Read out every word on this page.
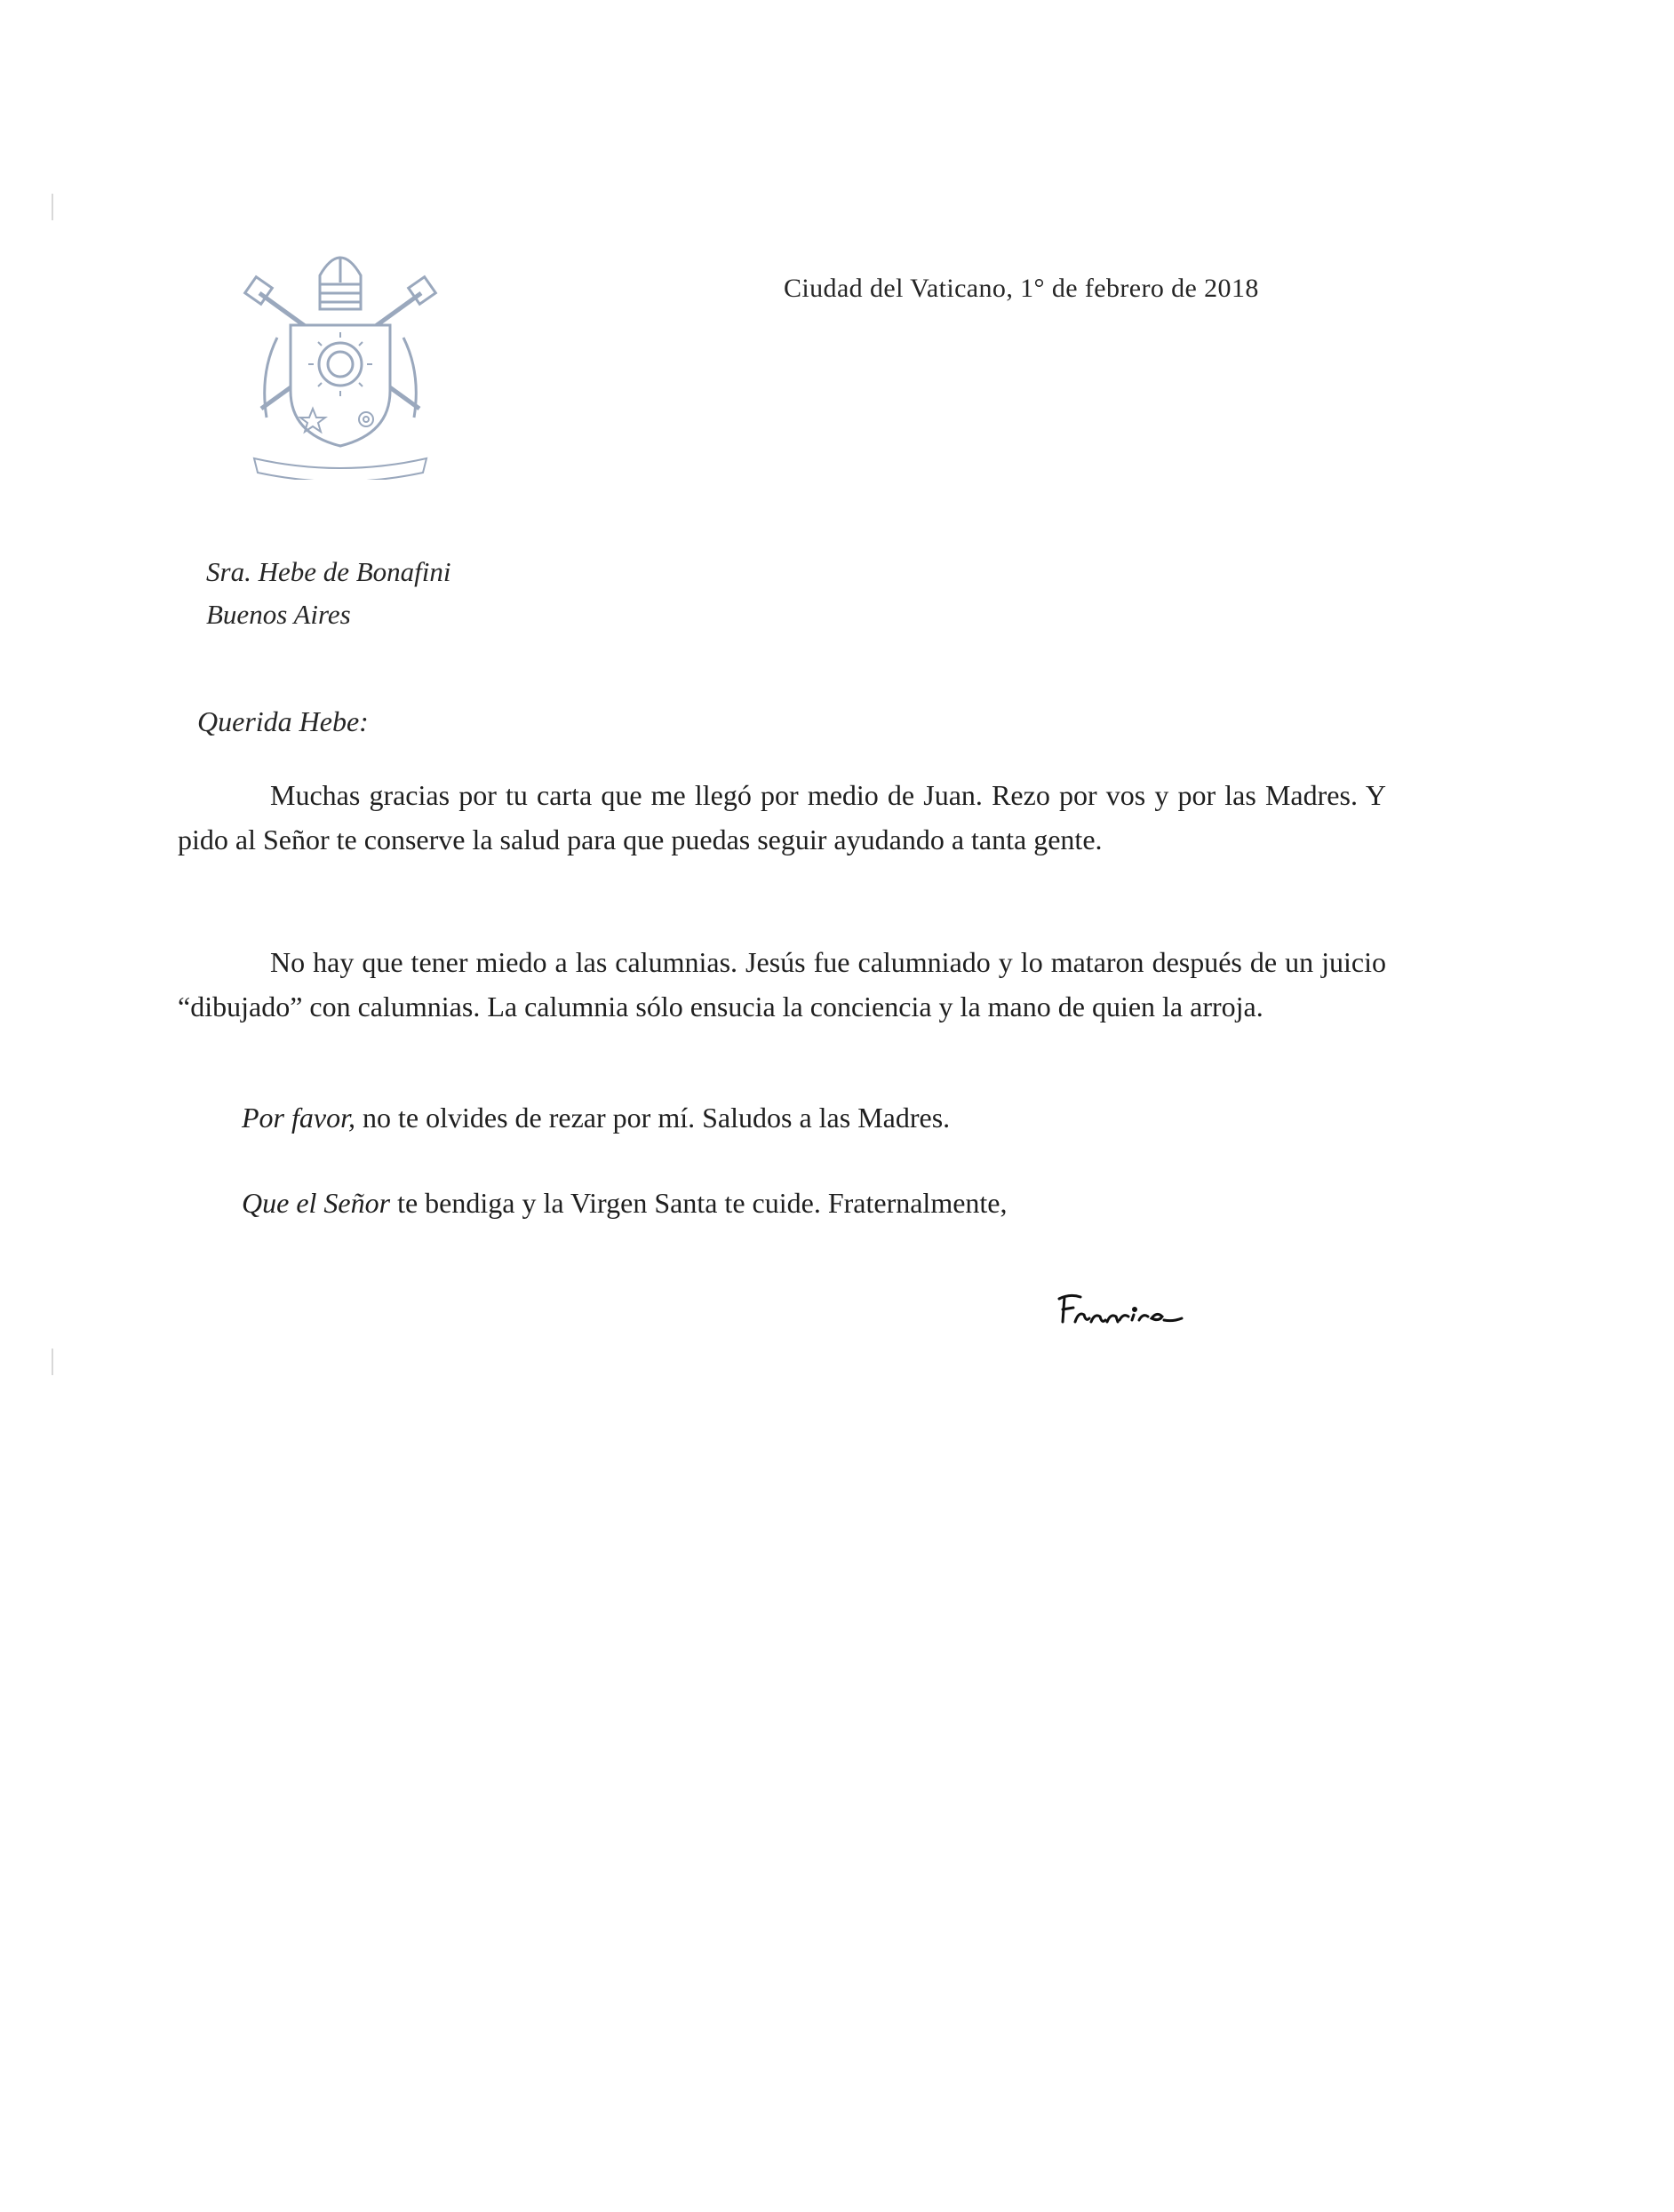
Ciudad del Vaticano, 1° de febrero de 2018
Sra. Hebe de Bonafini
Buenos Aires
Querida Hebe:
Muchas gracias por tu carta que me llegó por medio de Juan. Rezo por vos y por las Madres. Y pido al Señor te conserve la salud para que puedas seguir ayudando a tanta gente.
No hay que tener miedo a las calumnias. Jesús fue calumniado y lo mataron después de un juicio “dibujado” con calumnias. La calumnia sólo ensucia la conciencia y la mano de quien la arroja.
Por favor, no te olvides de rezar por mí. Saludos a las Madres.
Que el Señor te bendiga y la Virgen Santa te cuide. Fraternalmente,
